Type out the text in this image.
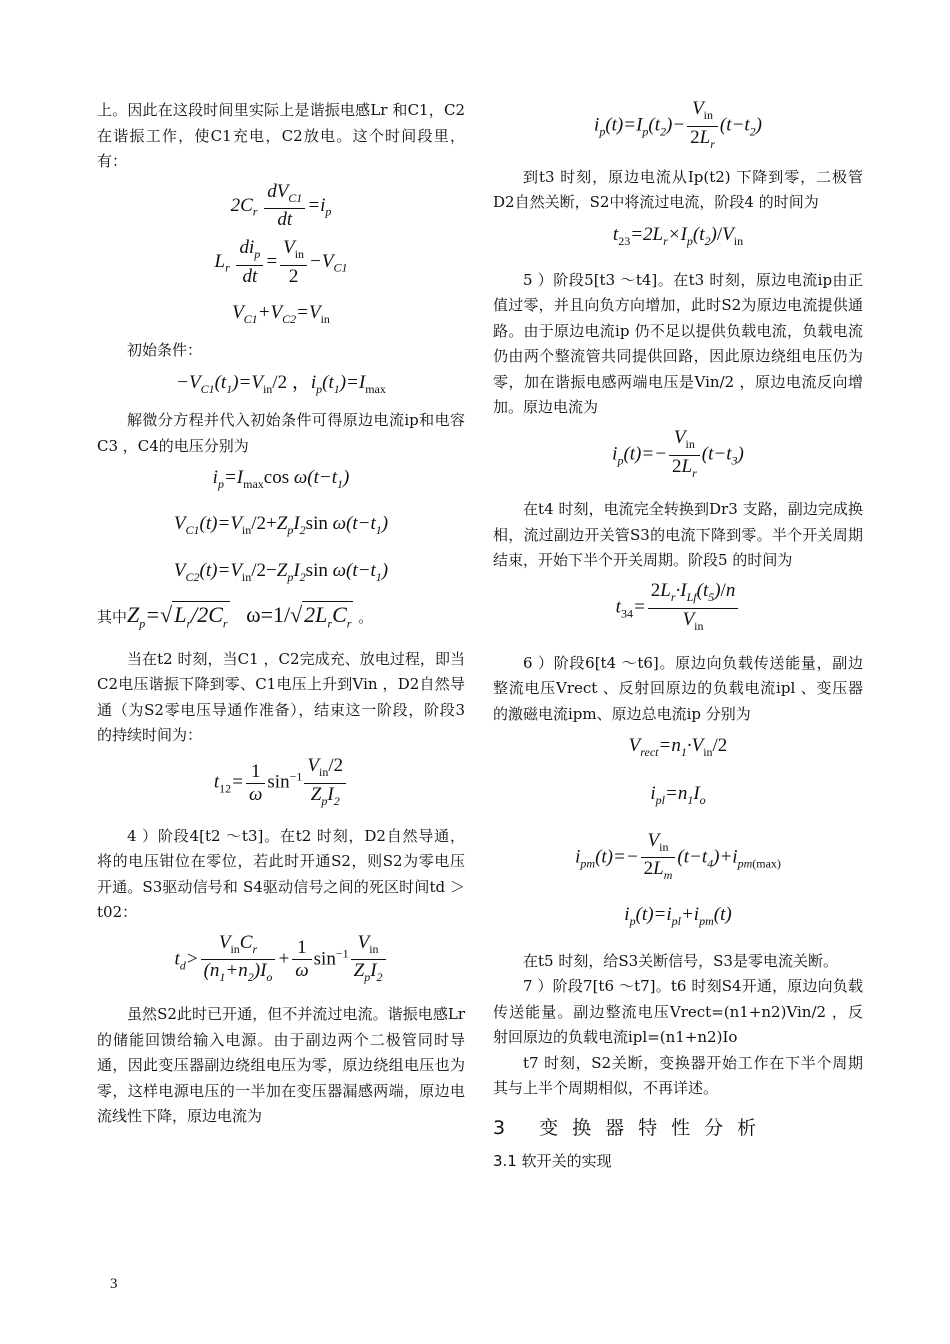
上。因此在这段时间里实际上是谐振电感Lr 和C1，C2在谐振工作，使C1充电，C2放电。这个时间段里，有：

$2C_r \frac{dV_{C1}}{dt} =i_p$
$L_r \frac{di_p}{dt} = \frac{V_{in}}{2} -V_{C1}$
$V_{C1}+V_{C2}=V_{in}$

初始条件：

$-V_{C1}(t_1)=V_{in}/2$ ，$i_p(t_1)=I_{max}$

解微分方程并代入初始条件可得原边电流ip和电容C3 ，C4的电压分别为

$i_p=I_{max}\cos$ $\omega(t-t_1)$
$V_{C1}(t)=V_{in}/2+Z_pI_2\sin$ $\omega(t-t_1)$
$V_{C2}(t)=V_{in}/2-Z_pI_2\sin$ $\omega(t-t_1)$

其中$Z_p=√L_r/2C_r$ $\omega=1/√2L_rC_r$ 。

当在t2 时刻，当C1 ，C2完成充、放电过程，即当C2电压谐振下降到零、C1电压上升到Vin ，D2自然导通（为S2零电压导通作准备），结束这一阶段，阶段3 的持续时间为：

$t_{12}= \frac{1}{\omega} \sin^{-1} \frac{V_{in}/2}{Z_pI_2}$

4 ）阶段4[t2 ～t3]。在t2 时刻，D2自然导通，将的电压钳位在零位，若此时开通S2，则S2为零电压开通。S3驱动信号和 S4驱动信号之间的死区时间td ＞t02：

$t_d> \frac{V_{in}C_r}{(n_1+n_2)I_o} + \frac{1}{\omega} \sin^{-1} \frac{V_{in}}{Z_pI_2}$

虽然S2此时已开通，但不并流过电流。谐振电感Lr 的储能回馈给输入电源。由于副边两个二极管同时导通，因此变压器副边绕组电压为零，原边绕组电压也为零，这样电源电压的一半加在变压器漏感两端，原边电流线性下降，原边电流为

$i_p(t)=I_p(t_2)- \frac{V_{in}}{2L_r} (t-t_2)$

到t3 时刻，原边电流从Ip(t2) 下降到零，二极管D2自然关断，S2中将流过电流，阶段4 的时间为

$t_{23}=2L_r\times I_p(t_2)/V_{in}$

5 ）阶段5[t3 ～t4]。在t3 时刻，原边电流ip由正值过零，并且向负方向增加，此时S2为原边电流提供通路。由于原边电流ip 仍不足以提供负载电流，负载电流仍由两个整流管共同提供回路，因此原边绕组电压仍为零，加在谐振电感两端电压是Vin/2 ，原边电流反向增加。原边电流为

$i_p(t)=- \frac{V_{in}}{2L_r} (t-t_3)$

在t4 时刻，电流完全转换到Dr3 支路，副边完成换相，流过副边开关管S3的电流下降到零。半个开关周期结束，开始下半个开关周期。阶段5 的时间为

$t_{34}= \frac{2L_r\cdot I_{Lf}(t_5)/n}{V_{in}}$

6 ）阶段6[t4 ～t6]。原边向负载传送能量，副边整流电压Vrect 、反射回原边的负载电流ipl 、变压器的激磁电流ipm、原边总电流ip 分别为

$V_{rect}=n_1\cdot V_{in}/2$
$i_{pl}=n_1I_o$
$i_{pm}(t)=- \frac{V_{in}}{2L_m} (t-t_4)+i_{pm(max)}$
$i_p(t)=i_{pl}+i_{pm}(t)$

在t5 时刻，给S3关断信号，S3是零电流关断。

7 ）阶段7[t6 ～t7]。t6 时刻S4开通，原边向负载传送能量。副边整流电压Vrect=(n1+n2)Vin/2 ，反射回原边的负载电流ipl=(n1+n2)Io

t7 时刻，S2关断，变换器开始工作在下半个周期其与上半个周期相似，不再详述。

3 变换器特性分析
3.1 软开关的实现
3
